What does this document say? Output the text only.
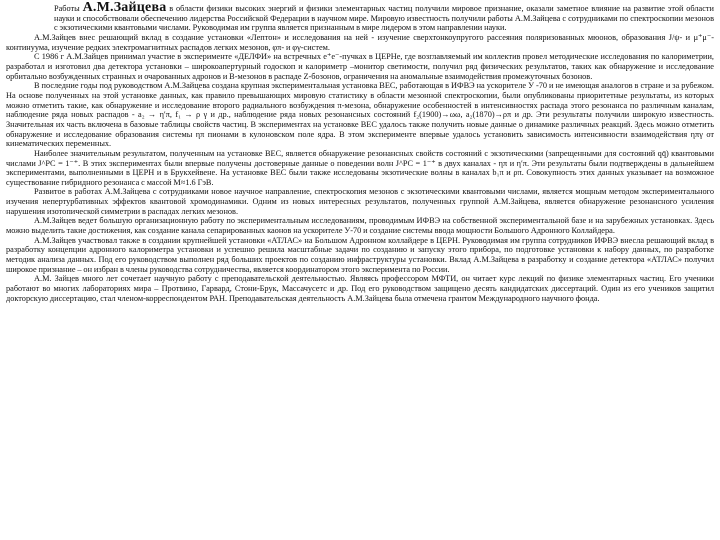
Работы А.М.Зайцева в области физики высоких энергий и физики элементарных частиц получили мировое признание, оказали заметное влияние на развитие этой области науки и способствовали обеспечению лидерства Российской Федерации в научном мире. Мировую известность получили работы А.М.Зайцева с сотрудниками по спектроскопии мезонов с экзотическими квантовыми числами. Руководимая им группа является признанным в мире лидером в этом направлении науки.

А.М.Зайцев внес решающий вклад в создание установки «Лептон» и исследования на ней - изучение сверхтонкоупругого рассеяния поляризованных мюонов, образования J/ψ- и μ⁺μ⁻-континуума, изучение редких электромагнитных распадов легких мезонов, φπ- и φγ-систем.

С 1986 г А.М.Зайцев принимал участие в эксперименте «ДЕЛФИ» на встречных e⁺e⁻-пучках в ЦЕРНе, где возглавляемый им коллектив провел методические исследования по калориметрии, разработал и изготовил два детектора установки – широкоапертурный годоскоп и калориметр –монитор светимости, получил ряд физических результатов, таких как обнаружение и исследование орбитально возбужденных странных и очарованных адронов и B-мезонов в распаде Z-бозонов, ограничения на аномальные взаимодействия промежуточных бозонов.

В последние годы под руководством А.М.Зайцева создана крупная экспериментальная установка ВЕС, работающая в ИФВЭ на ускорителе У -70 и не имеющая аналогов в стране и за рубежом. На основе полученных на этой установке данных, как правило превышающих мировую статистику в области мезонной спектроскопии, были опубликованы приоритетные результаты, из которых можно отметить такие, как обнаружение и исследование второго радиального возбуждения π-мезона, обнаружение особенностей в интенсивностях распада этого резонанса по различным каналам, наблюдение ряда новых распадов - a₂ → η′π, f₁ → ρ γ и др., наблюдение ряда новых резонансных состояний f₂(1900)→ωω, a₂(1870)→ρπ и др. Эти результаты получили широкую известность. Значительная их часть включена в базовые таблицы свойств частиц. В экспериментах на установке ВЕС удалось также получить новые данные о динамике различных реакций. Здесь можно отметить обнаружение и исследование образования системы ηπ пионами в кулоновском поле ядра. В этом эксперименте впервые удалось установить зависимость интенсивности взаимодействия ηπγ от кинематических переменных.

Наиболее значительным результатом, полученным на установке ВЕС, является обнаружение резонансных свойств состояний с экзотическими (запрещенными для состояний qq̄) квантовыми числами J^PC = 1⁻⁺. В этих экспериментах были впервые получены достоверные данные о поведении волн J^PC = 1⁻⁺ в двух каналах - ηπ и η′π. Эти результаты были подтверждены в дальнейшем экспериментами, выполненными в ЦЕРН и в Брукхейвене. На установке ВЕС были также исследованы экзотические волны в каналах b₁π и ρπ. Совокупность этих данных указывает на возможное существование гибридного резонанса с массой M≈1.6 ГэВ.

Развитое в работах А.М.Зайцева с сотрудниками новое научное направление, спектроскопия мезонов с экзотическими квантовыми числами, является мощным методом экспериментального изучения непертурбативных эффектов квантовой хромодинамики. Одним из новых интересных результатов, полученных группой А.М.Зайцева, является обнаружение резонансного усиления нарушения изотопической симметрии в распадах легких мезонов.

А.М.Зайцев ведет большую организационную работу по экспериментальным исследованиям, проводимым ИФВЭ на собственной экспериментальной базе и на зарубежных установках. Здесь можно выделить такие достижения, как создание канала сепарированных каонов на ускорителе У-70 и создание системы ввода мощности Большого Адронного Коллайдера.

А.М.Зайцев участвовал также в создании крупнейшей установки «АТЛАС» на Большом Адронном коллайдере в ЦЕРН. Руководимая им группа сотрудников ИФВЭ внесла решающий вклад в разработку концепции адронного калориметра установки и успешно решила масштабные задачи по созданию и запуску этого прибора, по подготовке установки к набору данных, по разработке методик анализа данных. Под его руководством выполнен ряд больших проектов по созданию инфраструктуры установки. Вклад А.М.Зайцева в разработку и создание детектора «АТЛАС» получил широкое признание – он избран в члены руководства сотрудничества, является координатором этого эксперимента по России.

А.М. Зайцев много лет сочетает научную работу с преподавательской деятельностью. Являясь профессором МФТИ, он читает курс лекций по физике элементарных частиц. Его ученики работают во многих лабораториях мира – Протвино, Гарвард, Стони-Брук, Массачусетс и др. Под его руководством защищено десять кандидатских диссертаций. Один из его учеников защитил докторскую диссертацию, стал членом-корреспондентом РАН. Преподавательская деятельность А.М.Зайцева была отмечена грантом Международного научного фонда.
